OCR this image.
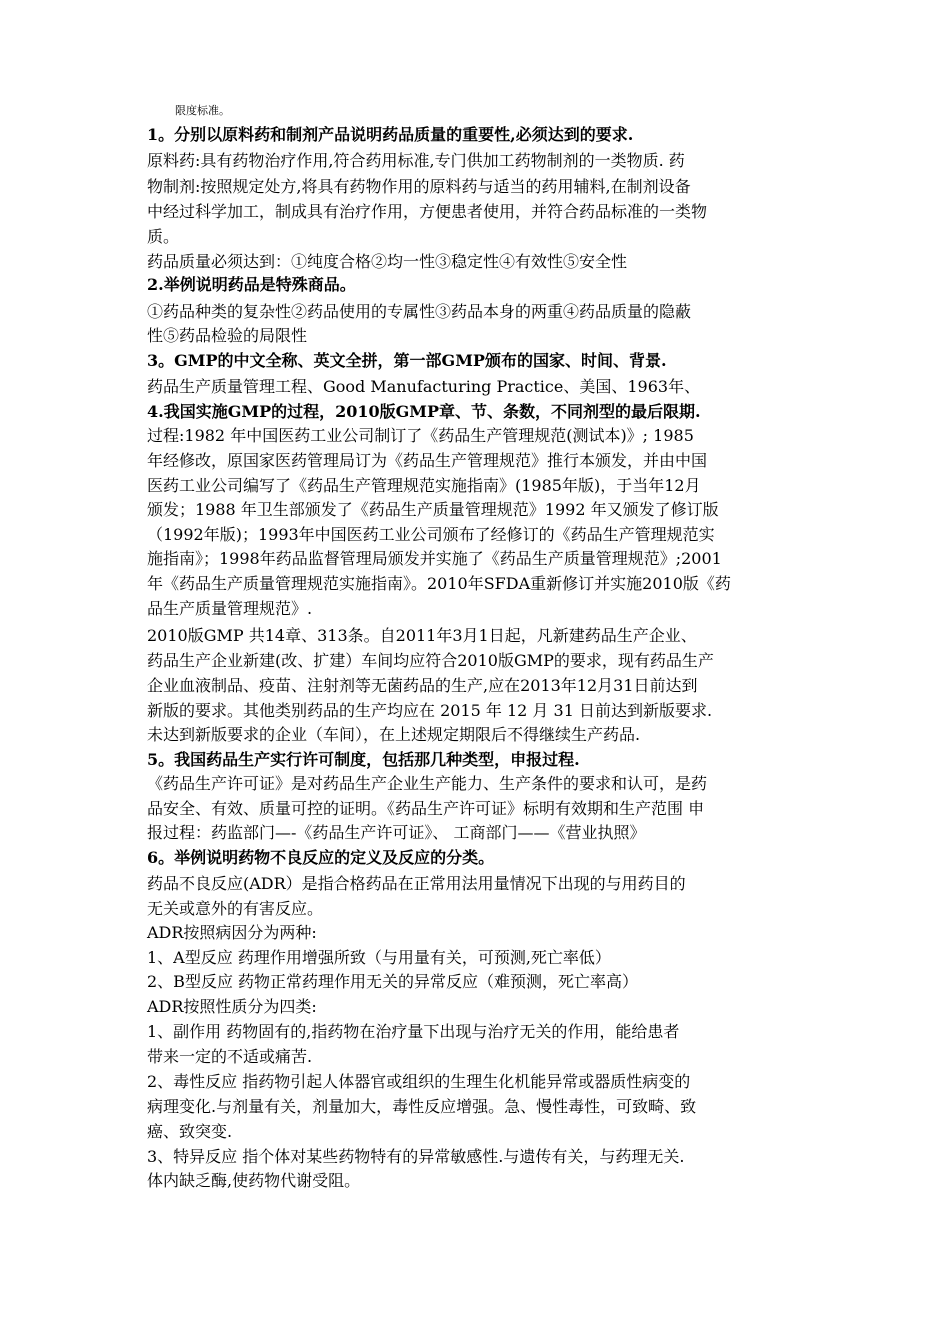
限度标准。
1。分别以原料药和制剂产品说明药品质量的重要性,必须达到的要求.
原料药:具有药物治疗作用,符合药用标准,专门供加工药物制剂的一类物质. 药
物制剂:按照规定处方,将具有药物作用的原料药与适当的药用辅料,在制剂设备
中经过科学加工，制成具有治疗作用，方便患者使用，并符合药品标准的一类物
质。
药品质量必须达到：①纯度合格②均一性③稳定性④有效性⑤安全性
2.举例说明药品是特殊商品。
①药品种类的复杂性②药品使用的专属性③药品本身的两重④药品质量的隐蔽
性⑤药品检验的局限性
3。GMP的中文全称、英文全拼，第一部GMP颁布的国家、时间、背景.
药品生产质量管理工程、Good Manufacturing Practice、美国、1963年、
4.我国实施GMP的过程，2010版GMP章、节、条数，不同剂型的最后限期.
过程:1982 年中国医药工业公司制订了《药品生产管理规范(测试本)》; 1985
年经修改，原国家医药管理局订为《药品生产管理规范》推行本颁发，并由中国
医药工业公司编写了《药品生产管理规范实施指南》(1985年版)，于当年12月
颁发；1988 年卫生部颁发了《药品生产质量管理规范》1992 年又颁发了修订版
（1992年版)；1993年中国医药工业公司颁布了经修订的《药品生产管理规范实
施指南》；1998年药品监督管理局颁发并实施了《药品生产质量管理规范》;2001
年《药品生产质量管理规范实施指南》。2010年SFDA重新修订并实施2010版《药
品生产质量管理规范》.
2010版GMP 共14章、313条。自2011年3月1日起，凡新建药品生产企业、
药品生产企业新建(改、扩建）车间均应符合2010版GMP的要求，现有药品生产
企业血液制品、疫苗、注射剂等无菌药品的生产,应在2013年12月31日前达到
新版的要求。其他类别药品的生产均应在 2015 年 12 月 31 日前达到新版要求.
未达到新版要求的企业（车间），在上述规定期限后不得继续生产药品.
5。我国药品生产实行许可制度，包括那几种类型，申报过程.
《药品生产许可证》是对药品生产企业生产能力、生产条件的要求和认可，是药
品安全、有效、质量可控的证明。《药品生产许可证》标明有效期和生产范围 申
报过程：药监部门—-《药品生产许可证》、 工商部门——《营业执照》
6。举例说明药物不良反应的定义及反应的分类。
药品不良反应(ADR）是指合格药品在正常用法用量情况下出现的与用药目的
无关或意外的有害反应。
ADR按照病因分为两种:
1、A型反应 药理作用增强所致（与用量有关，可预测,死亡率低）
2、B型反应 药物正常药理作用无关的异常反应（难预测，死亡率高）
ADR按照性质分为四类:
1、副作用 药物固有的,指药物在治疗量下出现与治疗无关的作用，能给患者
带来一定的不适或痛苦.
2、毒性反应 指药物引起人体器官或组织的生理生化机能异常或器质性病变的
病理变化.与剂量有关，剂量加大，毒性反应增强。急、慢性毒性，可致畸、致
癌、致突变.
3、特异反应 指个体对某些药物特有的异常敏感性.与遗传有关，与药理无关.
体内缺乏酶,使药物代谢受阻。
